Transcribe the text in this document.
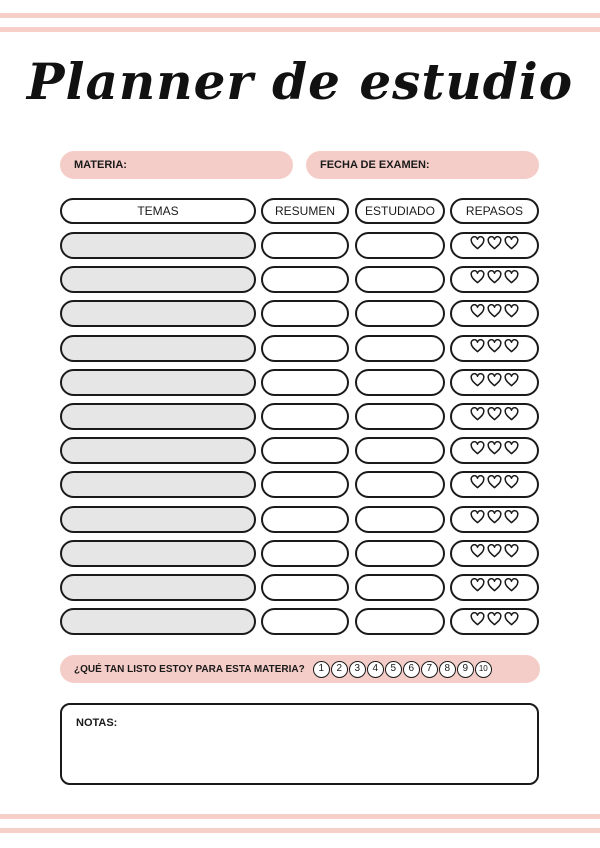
Planner de estudio
MATERIA:	FECHA DE EXAMEN:
TEMAS	RESUMEN	ESTUDIADO	REPASOS
¿QUÉ TAN LISTO ESTOY PARA ESTA MATERIA?	1	2	3	4	5	6	7	8	9	10
NOTAS:
